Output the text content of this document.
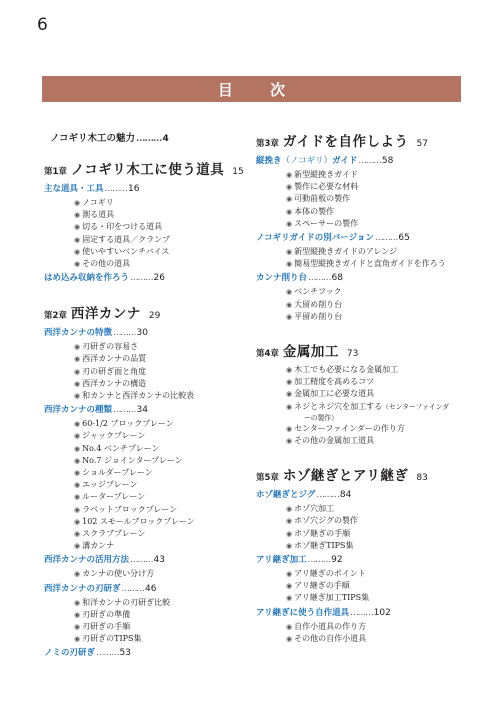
6
目 次
ノコギリ木工の魅力………4
第1章 ノコギリ木工に使う道具 15
主な道具・工具………16
◉ ノコギリ
◉ 測る道具
◉ 切る・印をつける道具
◉ 固定する道具／クランプ
◉ 使いやすいベンチバイス
◉ その他の道具
はめ込み収納を作ろう………26
第2章 西洋カンナ 29
西洋カンナの特徴………30
◉ 刃研ぎの容易さ
◉ 西洋カンナの品質
◉ 刃の研ぎ面と角度
◉ 西洋カンナの構造
◉ 和カンナと西洋カンナの比較表
西洋カンナの種類………34
◉ 60-1/2 ブロックプレーン
◉ ジャックプレーン
◉ No.4 ベンチプレーン
◉ No.7 ジョインタープレーン
◉ ショルダープレーン
◉ エッジプレーン
◉ ルータープレーン
◉ ラベットブロックプレーン
◉ 102 スモールブロックプレーン
◉ スクラブプレーン
◉ 溝カンナ
西洋カンナの活用方法………43
◉ カンナの使い分け方
西洋カンナの刃研ぎ………46
◉ 和洋カンナの刃研ぎ比較
◉ 刃研ぎの準備
◉ 刃研ぎの手順
◉ 刃研ぎのTIPS集
ノミの刃研ぎ………53
第3章 ガイドを自作しよう 57
縦挽き（ノコギリ）ガイド………58
◉ 新型縦挽きガイド
◉ 製作に必要な材料
◉ 可動前板の製作
◉ 本体の製作
◉ スペーサーの製作
ノコギリガイドの別バージョン………65
◉ 新型縦挽きガイドのアレンジ
◉ 簡易型縦挽きガイドと直角ガイドを作ろう
カンナ削り台………68
◉ ベンチフック
◉ 大留め削り台
◉ 平留め削り台
第4章 金属加工 73
◉ 木工でも必要になる金属加工
◉ 加工精度を高めるコツ
◉ 金属加工に必要な道具
◉ ネジとネジ穴を加工する（センターファインダ
ーの製作）
◉ センターファインダーの作り方
◉ その他の金属加工道具
第5章 ホゾ継ぎとアリ継ぎ 83
ホゾ継ぎとジグ………84
◉ ホゾ穴加工
◉ ホゾ穴ジグの製作
◉ ホゾ継ぎの手順
◉ ホゾ継ぎTIPS集
アリ継ぎ加工………92
◉ アリ継ぎのポイント
◉ アリ継ぎの手順
◉ アリ継ぎ加工TIPS集
アリ継ぎに使う自作道具………102
◉ 自作小道具の作り方
◉ その他の自作小道具
